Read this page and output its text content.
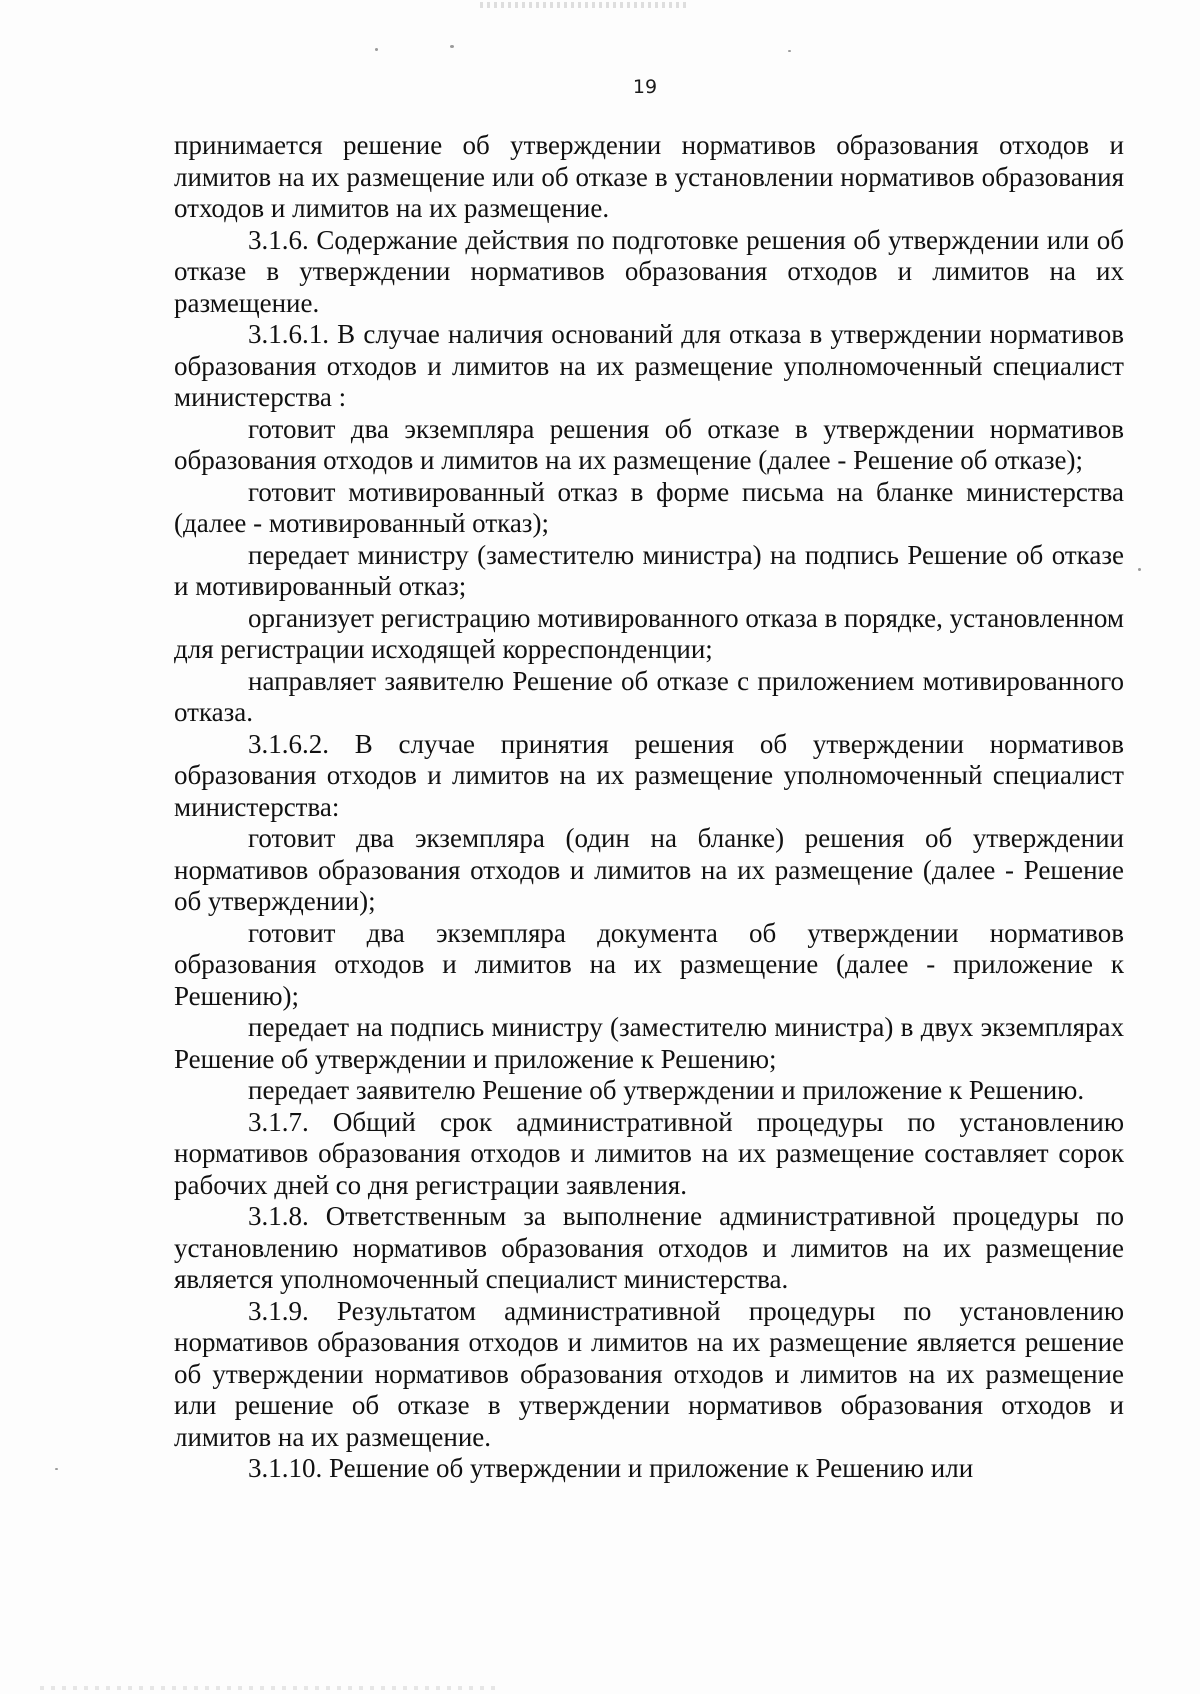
19

принимается решение об утверждении нормативов образования отходов и лимитов на их размещение или об отказе в установлении нормативов образования отходов и лимитов на их размещение.

3.1.6. Содержание действия по подготовке решения об утверждении или об отказе в утверждении нормативов образования отходов и лимитов на их размещение.

3.1.6.1. В случае наличия оснований для отказа в утверждении нормативов образования отходов и лимитов на их размещение уполномоченный специалист министерства :

готовит два экземпляра решения об отказе в утверждении нормативов образования отходов и лимитов на их размещение (далее - Решение об отказе);

готовит мотивированный отказ в форме письма на бланке министерства (далее - мотивированный отказ);

передает министру (заместителю министра) на подпись Решение об отказе и мотивированный отказ;

организует регистрацию мотивированного отказа в порядке, установленном для регистрации исходящей корреспонденции;

направляет заявителю Решение об отказе с приложением мотивированного отказа.

3.1.6.2. В случае принятия решения об утверждении нормативов образования отходов и лимитов на их размещение уполномоченный специалист министерства:

готовит два экземпляра (один на бланке) решения об утверждении нормативов образования отходов и лимитов на их размещение (далее - Решение об утверждении);

готовит два экземпляра документа об утверждении нормативов образования отходов и лимитов на их размещение (далее - приложение к Решению);

передает на подпись министру (заместителю министра) в двух экземплярах Решение об утверждении и приложение к Решению;

передает заявителю Решение об утверждении и приложение к Решению.

3.1.7. Общий срок административной процедуры по установлению нормативов образования отходов и лимитов на их размещение составляет сорок рабочих дней со дня регистрации заявления.

3.1.8. Ответственным за выполнение административной процедуры по установлению нормативов образования отходов и лимитов на их размещение является уполномоченный специалист министерства.

3.1.9. Результатом административной процедуры по установлению нормативов образования отходов и лимитов на их размещение является решение об утверждении нормативов образования отходов и лимитов на их размещение или решение об отказе в утверждении нормативов образования отходов и лимитов на их размещение.

3.1.10. Решение об утверждении и приложение к Решению или
